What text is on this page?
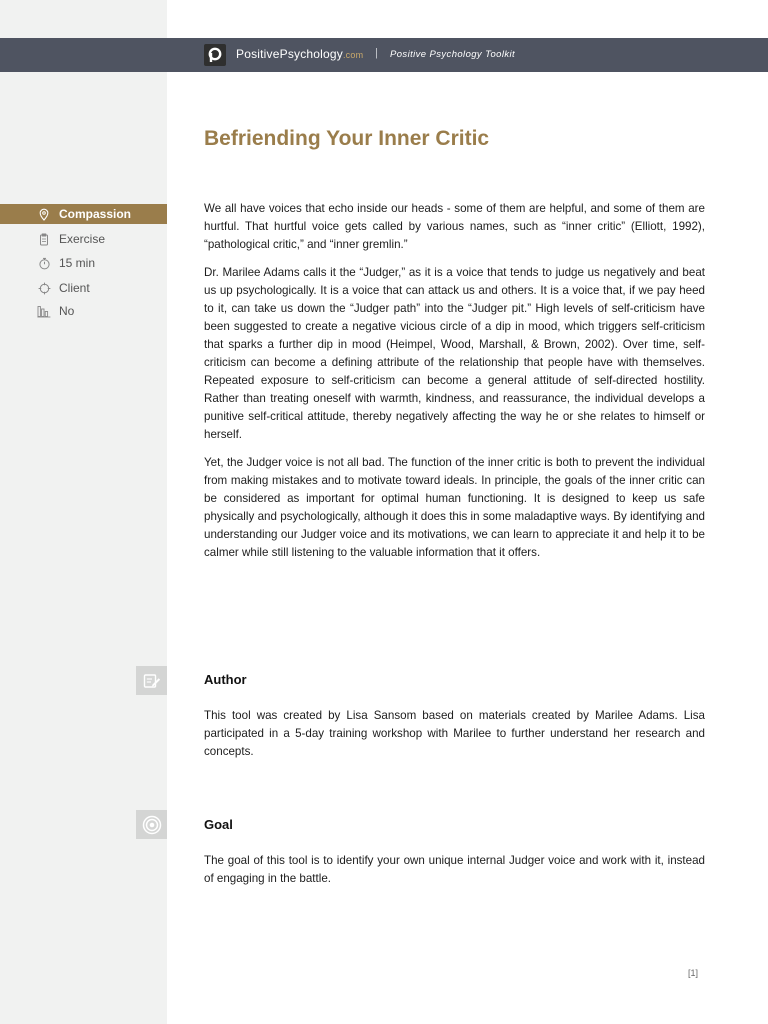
PositivePsychology.com | Positive Psychology Toolkit
Befriending Your Inner Critic
Compassion
Exercise
15 min
Client
No

We all have voices that echo inside our heads - some of them are helpful, and some of them are hurtful. That hurtful voice gets called by various names, such as “inner critic” (Elliott, 1992), “pathological critic,” and “inner gremlin.”

Dr. Marilee Adams calls it the “Judger,” as it is a voice that tends to judge us negatively and beat us up psychologically. It is a voice that can attack us and others. It is a voice that, if we pay heed to it, can take us down the “Judger path” into the “Judger pit.” High levels of self-criticism have been suggested to create a negative vicious circle of a dip in mood, which triggers self-criticism that sparks a further dip in mood (Heimpel, Wood, Marshall, & Brown, 2002). Over time, self-criticism can become a defining attribute of the relationship that people have with themselves. Repeated exposure to self-criticism can become a general attitude of self-directed hostility. Rather than treating oneself with warmth, kindness, and reassurance, the individual develops a punitive self-critical attitude, thereby negatively affecting the way he or she relates to himself or herself.

Yet, the Judger voice is not all bad. The function of the inner critic is both to prevent the individual from making mistakes and to motivate toward ideals. In principle, the goals of the inner critic can be considered as important for optimal human functioning. It is designed to keep us safe physically and psychologically, although it does this in some maladaptive ways. By identifying and understanding our Judger voice and its motivations, we can learn to appreciate it and help it to be calmer while still listening to the valuable information that it offers.

Author
This tool was created by Lisa Sansom based on materials created by Marilee Adams. Lisa participated in a 5-day training workshop with Marilee to further understand her research and concepts.
Goal
The goal of this tool is to identify your own unique internal Judger voice and work with it, instead of engaging in the battle.
[1]
